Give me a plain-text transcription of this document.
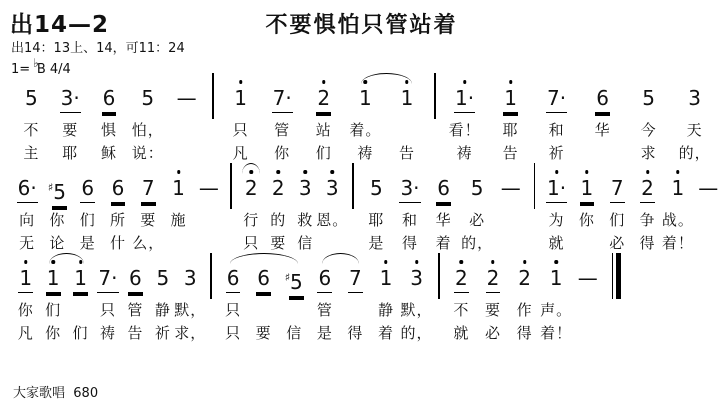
出14—2	不要惧怕只管站着
出14：13上、14，可11：24
1= ♭B 4/4
5
不
主
3·
要
耶
6
惧
稣
5
怕，
说：
— 1
只
凡
7·
管
你
2
站
们
1
着。
祷
1
告
1·
看！
祷
1
耶
告
7·
和
祈
6
华
5
今
求
3
天
的，
6·
向
无
♯5
你
论
6
们
是
6
所
什
7
要
么，
1
施
— 2
行
只
2
的
要
3
救
信
3
恩。
5
耶
是
3·
和
得
6
华
着
5
必
的，
— 1·
为
就
1
你
7
们
必
2
争
得
1
战。
着！
—
1
你
凡
1
们
你
1
们
7·
只
祷
6
管
告
5
静
祈
3
默，
求，
6
只
只
6
要
♯5
信
6
管
是
7
得
1
静
着
3
默，
的，
2
不
就
2
要
必
2
作
得
1
声。
着！
—
大家歌唱 680
